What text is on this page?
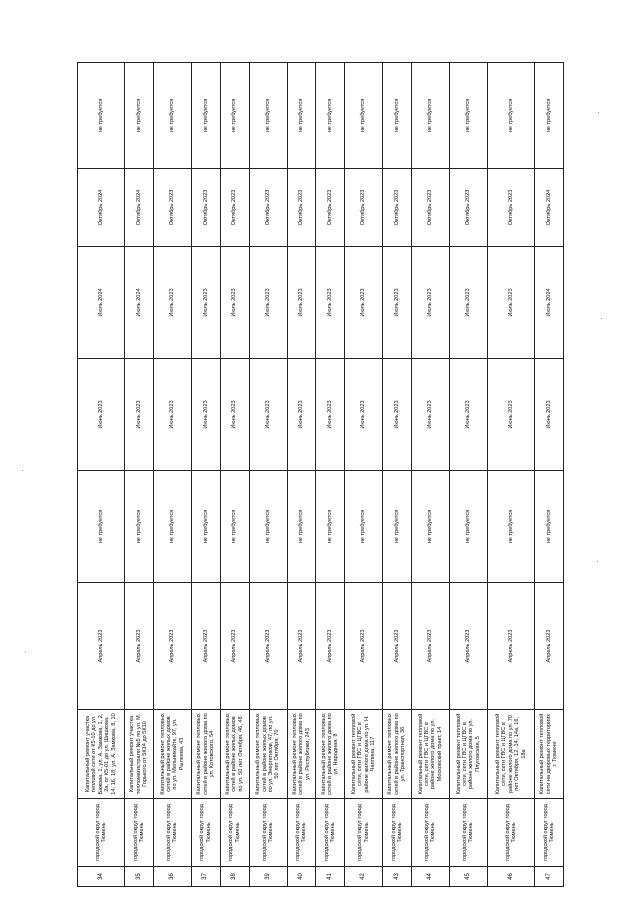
34	городской округ город Тюмень	Капитальный ремонт участка тепловой сети от К5-10 до ул. Бажова, 1, ул. А. Замкова, 1, 2, 2а, от К5-01 до ул. Шишкова, 14, 16, 18; ул. А. Замкова, 8, 10	Апрель 2023	не требуется	Июнь 2023	Июль 2024	Октябрь 2024	не требуется
35	городской округ город Тюмень	Капитальный ремонт участка тепломагистрали №5 по ул. М. Горького от 5К14 до 5К10	Апрель 2023	не требуется	Июнь 2023	Июль 2024	Октябрь 2024	не требуется
36	городской округ город Тюмень	Капитальный ремонт тепловых сетей в районе жилых домов по ул. Мельникайте, 97, ул. Рылеева, 43	Апрель 2023	не требуется	Июнь 2023	Июль 2023	Октябрь 2023	не требуется
37	городской округ город Тюмень	Капитальный ремонт тепловых сетей в районе жилого дома по ул. Котовского, 54	Апрель 2023	не требуется	Июнь 2023	Июль 2023	Октябрь 2023	не требуется
38	городской округ город Тюмень	Капитальный ремонт тепловых сетей в районе жилых домов по ул. 50 лет Октября, 46, 48	Апрель 2023	не требуется	Июнь 2023	Июль 2023	Октябрь 2023	не требуется
39	городской округ город Тюмень	Капитальный ремонт тепловых сетей в районе жилых домов по ул. Энергетиков, 47, по ул. 50 лет Октября, 70	Апрель 2023	не требуется	Июнь 2023	Июль 2023	Октябрь 2023	не требуется
40	городской округ город Тюмень	Капитальный ремонт тепловых сетей в районе жилого дома по ул. Республики, 243	Апрель 2023	не требуется	Июнь 2023	Июль 2023	Октябрь 2023	не требуется
41	городской округ город Тюмень	Капитальный ремонт тепловых сетей в районе жилого дома по ул. Народная, 8	Апрель 2023	не требуется	Июнь 2023	Июль 2023	Октябрь 2023	не требуется
42	городской округ город Тюмень	Капитальный ремонт тепловой сети, сети ГВС и ЦГВС в районе жилого дома по ул. Н. Чаплина, 117	Апрель 2023	не требуется	Июнь 2023	Июль 2023	Октябрь 2023	не требуется
43	городской округ город Тюмень	Капитальный ремонт тепловых сетей в районе жилого дома по ул. Транспортная, 36	Апрель 2023	не требуется	Июнь 2023	Июль 2023	Октябрь 2023	не требуется
44	городской округ город Тюмень	Капитальный ремонт тепловой сети, сети ГВС и ЦГВС в районе жилого дома по ул. Московский тракт, 14	Апрель 2023	не требуется	Июнь 2023	Июль 2023	Октябрь 2023	не требуется
45	городской округ город Тюмень	Капитальный ремонт тепловой сети, сети ГВС и ЦГВС в районе жилого дома по ул. Плуговская, 5	Апрель 2023	не требуется	Июнь 2023	Июль 2023	Октябрь 2023	не требуется
46	городской округ город Тюмень	Капитальный ремонт тепловой сети, сети ГВС и ЦГВС в районе жилого дома по ул. 70 лет Октября, 12, 14, 14а, 16, 18а	Апрель 2023	не требуется	Июнь 2023	Июль 2023	Октябрь 2023	не требуется
47	городской округ город Тюмень	Капитальный ремонт тепловой сети на дворовых территориях г. Тюмени	Апрель 2023	не требуется	Июнь 2023	Июль 2024	Октябрь 2024	не требуется
